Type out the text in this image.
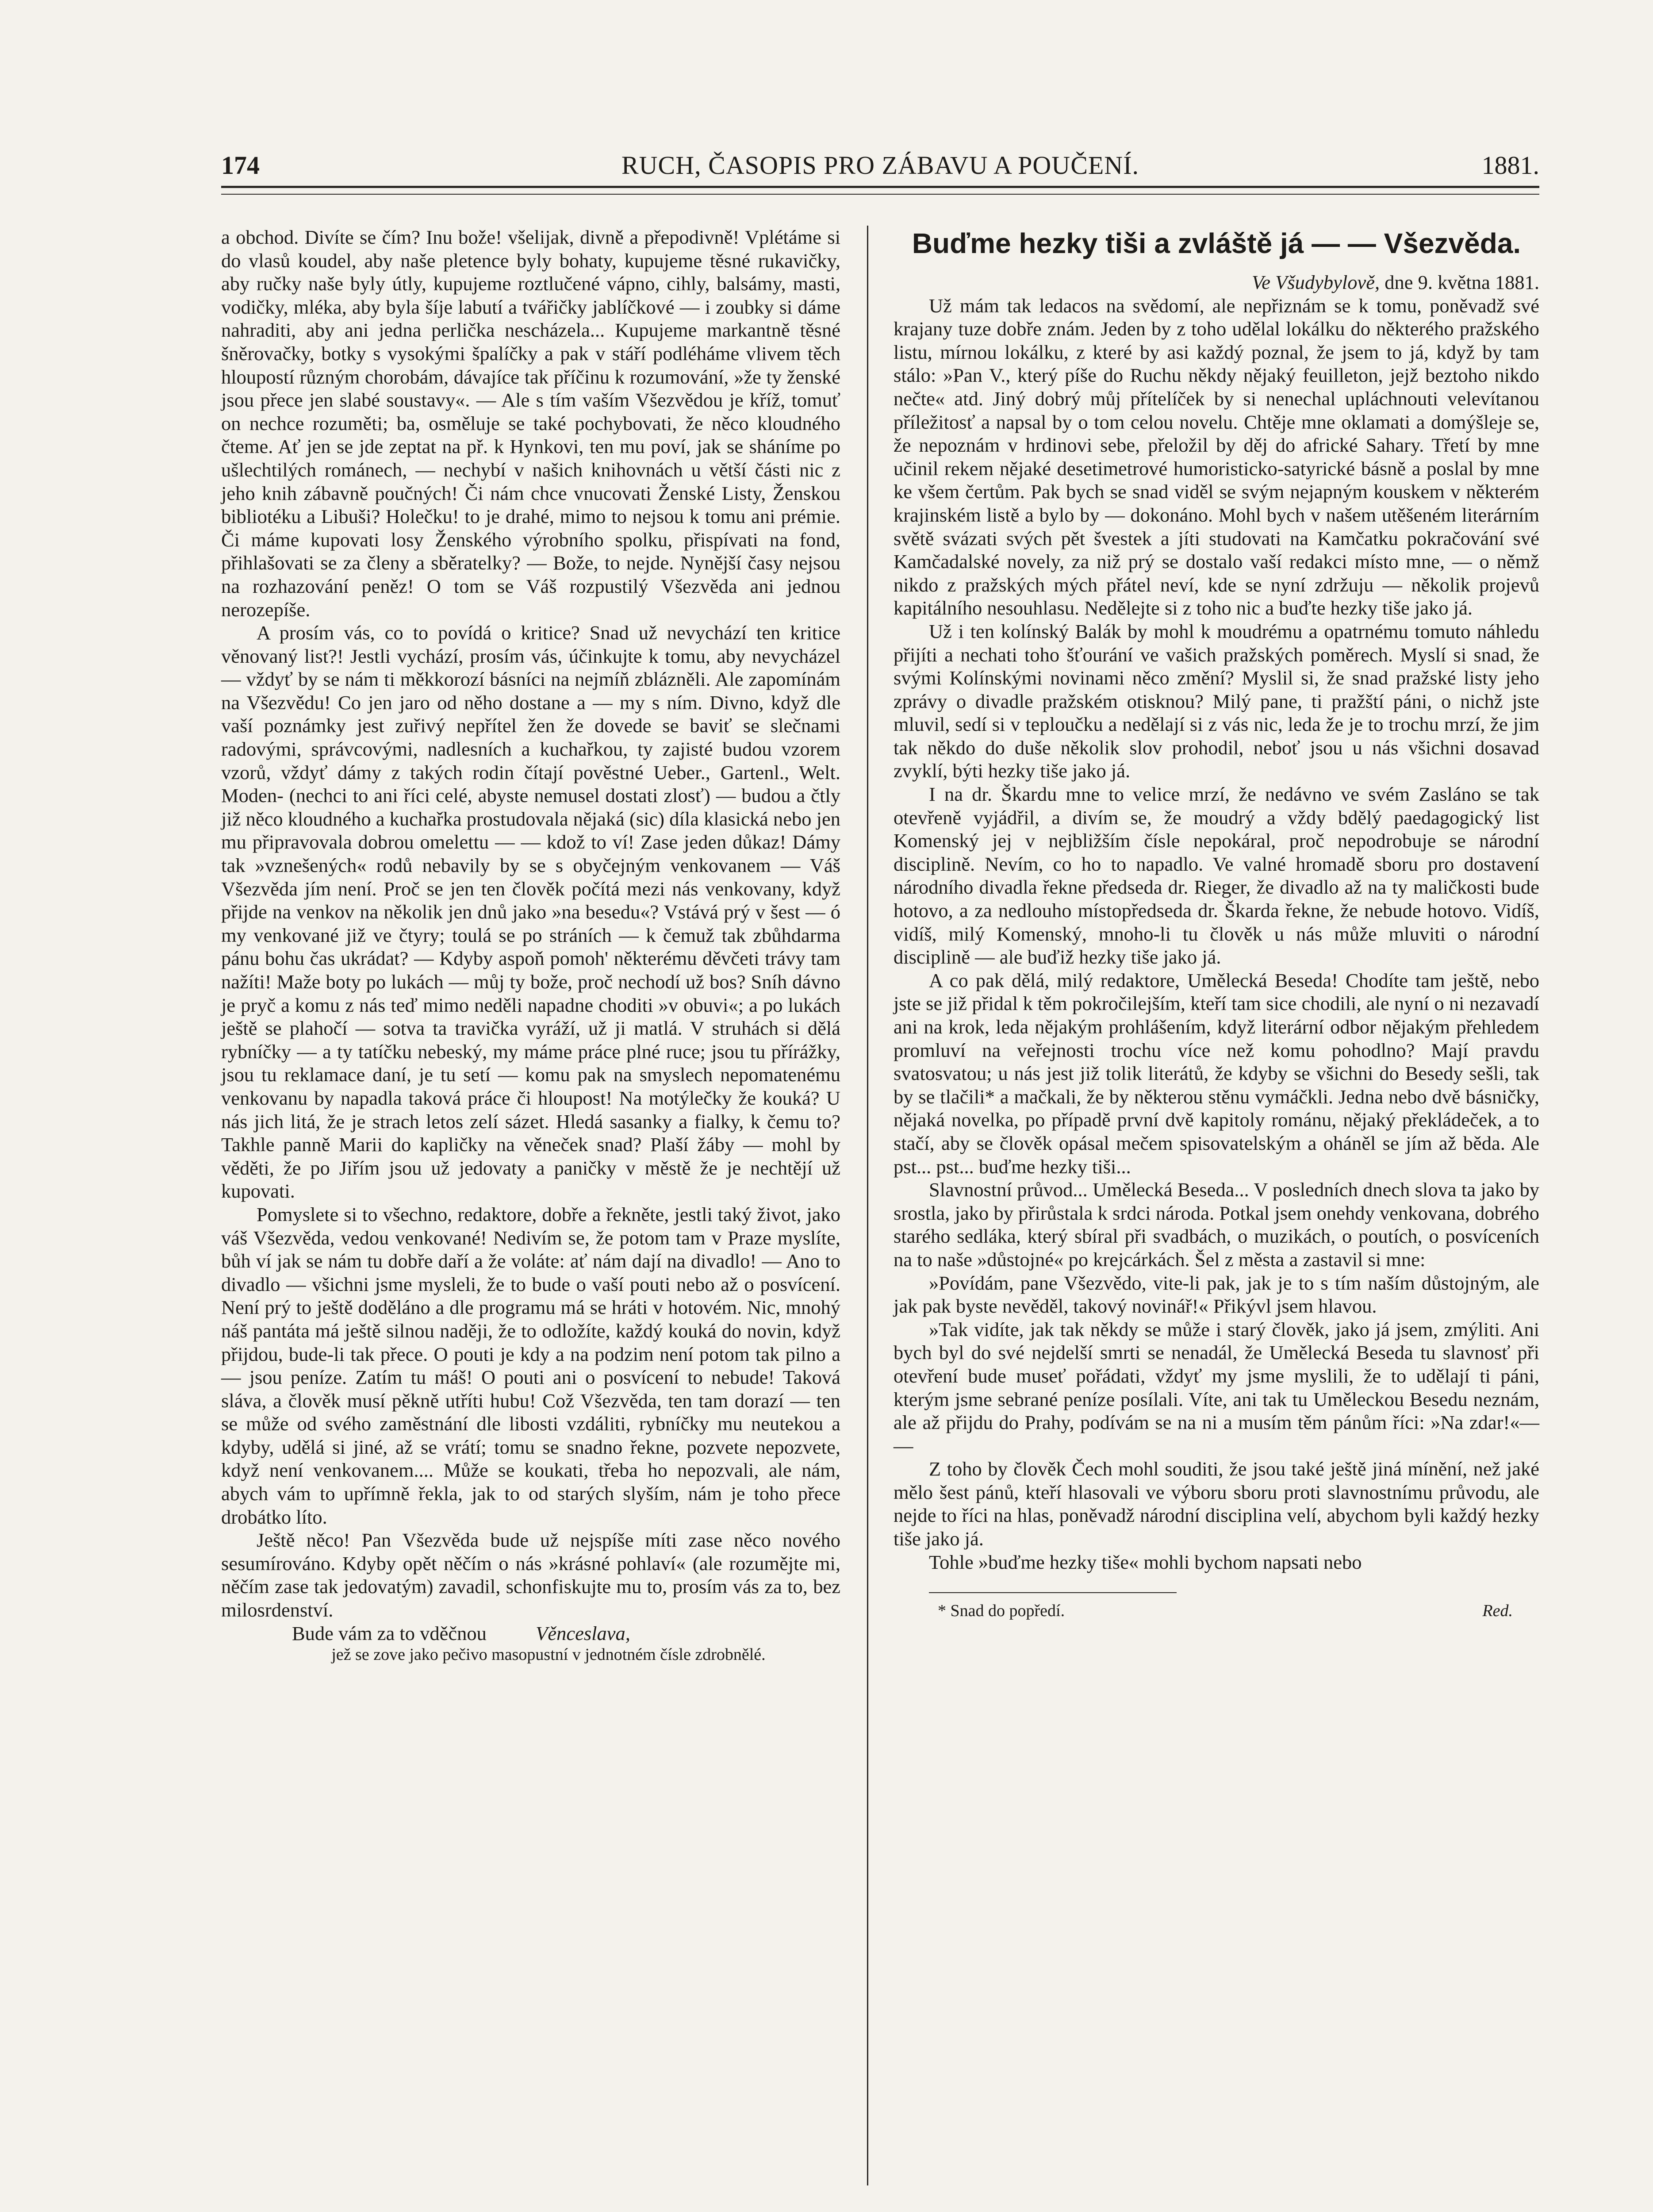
174	RUCH, ČASOPIS PRO ZÁBAVU A POUČENÍ.	1881.

a obchod. Divíte se čím? Inu bože! všelijak, divně a přepodivně! Vplétáme si do vlasů koudel, aby naše pletence byly bohaty, kupujeme těsné rukavičky, aby ručky naše byly útly, kupujeme roztlučené vápno, cihly, balsámy, masti, vodičky, mléka, aby byla šíje labutí a tvářičky jablíčkové — i zoubky si dáme nahraditi, aby ani jedna perlička nescházela... Kupujeme markantně těsné šněrovačky, botky s vysokými špalíčky a pak v stáří podléháme vlivem těch hloupostí různým chorobám, dávajíce tak příčinu k rozumování, »že ty ženské jsou přece jen slabé soustavy«. — Ale s tím vaším Všezvědou je kříž, tomuť on nechce rozuměti; ba, osměluje se také pochybovati, že něco kloudného čteme. Ať jen se jde zeptat na př. k Hynkovi, ten mu poví, jak se sháníme po ušlechtilých románech, — nechybí v našich knihovnách u větší části nic z jeho knih zábavně poučných! Či nám chce vnucovati Ženské Listy, Ženskou bibliotéku a Libuši? Holečku! to je drahé, mimo to nejsou k tomu ani prémie. Či máme kupovati losy Ženského výrobního spolku, přispívati na fond, přihlašovati se za členy a sběratelky? — Bože, to nejde. Nynější časy nejsou na rozhazování peněz! O tom se Váš rozpustilý Všezvěda ani jednou nerozepíše.

A prosím vás, co to povídá o kritice? Snad už nevychází ten kritice věnovaný list?! Jestli vychází, prosím vás, účinkujte k tomu, aby nevycházel — vždyť by se nám ti měkkorozí básníci na nejmíň zblázněli. Ale zapomínám na Všezvědu! Co jen jaro od něho dostane a — my s ním. Divno, když dle vaší poznámky jest zuřivý nepřítel žen že dovede se baviť se slečnami radovými, správcovými, nadlesních a kuchařkou, ty zajisté budou vzorem vzorů, vždyť dámy z takých rodin čítají pověstné Ueber., Gartenl., Welt. Moden- (nechci to ani říci celé, abyste nemusel dostati zlosť) — budou a čtly již něco kloudného a kuchařka prostudovala nějaká (sic) díla klasická nebo jen mu připravovala dobrou omelettu — — kdož to ví! Zase jeden důkaz! Dámy tak »vznešených« rodů nebavily by se s obyčejným venkovanem — Váš Všezvěda jím není. Proč se jen ten člověk počítá mezi nás venkovany, když přijde na venkov na několik jen dnů jako »na besedu«? Vstává prý v šest — ó my venkované již ve čtyry; toulá se po stráních — k čemuž tak zbůhdarma pánu bohu čas ukrádat? — Kdyby aspoň pomoh' některému děvčeti trávy tam nažíti! Maže boty po lukách — můj ty bože, proč nechodí už bos? Sníh dávno je pryč a komu z nás teď mimo neděli napadne choditi »v obuvi«; a po lukách ještě se plahočí — sotva ta travička vyráží, už ji matlá. V struhách si dělá rybníčky — a ty tatíčku nebeský, my máme práce plné ruce; jsou tu přírážky, jsou tu reklamace daní, je tu setí — komu pak na smyslech nepomatenému venkovanu by napadla taková práce či hloupost! Na motýlečky že kouká? U nás jich litá, že je strach letos zelí sázet. Hledá sasanky a fialky, k čemu to? Takhle panně Marii do kapličky na věneček snad? Plaší žáby — mohl by věděti, že po Jiřím jsou už jedovaty a paničky v městě že je nechtějí už kupovati.

Pomyslete si to všechno, redaktore, dobře a řekněte, jestli taký život, jako váš Všezvěda, vedou venkované! Nedivím se, že potom tam v Praze myslíte, bůh ví jak se nám tu dobře daří a že voláte: ať nám dají na divadlo! — Ano to divadlo — všichni jsme mysleli, že to bude o vaší pouti nebo až o posvícení. Není prý to ještě doděláno a dle programu má se hráti v hotovém. Nic, mnohý náš pantáta má ještě silnou naději, že to odložíte, každý kouká do novin, když přijdou, bude-li tak přece. O pouti je kdy a na podzim není potom tak pilno a — jsou peníze. Zatím tu máš! O pouti ani o posvícení to nebude! Taková sláva, a člověk musí pěkně utříti hubu! Což Všezvěda, ten tam dorazí — ten se může od svého zaměstnání dle libosti vzdáliti, rybníčky mu neutekou a kdyby, udělá si jiné, až se vrátí; tomu se snadno řekne, pozvete nepozvete, když není venkovanem.... Může se koukati, třeba ho nepozvali, ale nám, abych vám to upřímně řekla, jak to od starých slyším, nám je toho přece drobátko líto.

Ještě něco! Pan Všezvěda bude už nejspíše míti zase něco nového sesumírováno. Kdyby opět něčím o nás »krásné pohlaví« (ale rozumějte mi, něčím zase tak jedovatým) zavadil, schonfiskujte mu to, prosím vás za to, bez milosrdenství.

Bude vám za to vděčnou	Věnceslava,

jež se zove jako pečivo masopustní v jednotném čísle zdrobnělé.

Buďme hezky tiši a zvláště já — — Všezvěda.

Ve Všudybylově, dne 9. května 1881.

Už mám tak ledacos na svědomí, ale nepřiznám se k tomu, poněvadž své krajany tuze dobře znám. Jeden by z toho udělal lokálku do některého pražského listu, mírnou lokálku, z které by asi každý poznal, že jsem to já, když by tam stálo: »Pan V., který píše do Ruchu někdy nějaký feuilleton, jejž beztoho nikdo nečte« atd. Jiný dobrý můj přítelíček by si nenechal upláchnouti velevítanou příležitosť a napsal by o tom celou novelu. Chtěje mne oklamati a domýšleje se, že nepoznám v hrdinovi sebe, přeložil by děj do africké Sahary. Třetí by mne učinil rekem nějaké desetimetrové humoristicko-satyrické básně a poslal by mne ke všem čertům. Pak bych se snad viděl se svým nejapným kouskem v některém krajinském listě a bylo by — dokonáno. Mohl bych v našem utěšeném literárním světě svázati svých pět švestek a jíti studovati na Kamčatku pokračování své Kamčadalské novely, za niž prý se dostalo vaší redakci místo mne, — o němž nikdo z pražských mých přátel neví, kde se nyní zdržuju — několik projevů kapitálního nesouhlasu. Nedělejte si z toho nic a buďte hezky tiše jako já.

Už i ten kolínský Balák by mohl k moudrému a opatrnému tomuto náhledu přijíti a nechati toho šťourání ve vašich pražských poměrech. Myslí si snad, že svými Kolínskými novinami něco změní? Myslil si, že snad pražské listy jeho zprávy o divadle pražském otisknou? Milý pane, ti pražští páni, o nichž jste mluvil, sedí si v teploučku a nedělají si z vás nic, leda že je to trochu mrzí, že jim tak někdo do duše několik slov prohodil, neboť jsou u nás všichni dosavad zvyklí, býti hezky tiše jako já.

I na dr. Škardu mne to velice mrzí, že nedávno ve svém Zasláno se tak otevřeně vyjádřil, a divím se, že moudrý a vždy bdělý paedagogický list Komenský jej v nejbližším čísle nepokáral, proč nepodrobuje se národní disciplině. Nevím, co ho to napadlo. Ve valné hromadě sboru pro dostavení národního divadla řekne předseda dr. Rieger, že divadlo až na ty maličkosti bude hotovo, a za nedlouho místopředseda dr. Škarda řekne, že nebude hotovo. Vidíš, vidíš, milý Komenský, mnoho-li tu člověk u nás může mluviti o národní disciplině — ale buďiž hezky tiše jako já.

A co pak dělá, milý redaktore, Umělecká Beseda! Chodíte tam ještě, nebo jste se již přidal k těm pokročilejším, kteří tam sice chodili, ale nyní o ni nezavadí ani na krok, leda nějakým prohlášením, když literární odbor nějakým přehledem promluví na veřejnosti trochu více než komu pohodlno? Mají pravdu svatosvatou; u nás jest již tolik literátů, že kdyby se všichni do Besedy sešli, tak by se tlačili* a mačkali, že by některou stěnu vymáčkli. Jedna nebo dvě básničky, nějaká novelka, po případě první dvě kapitoly románu, nějaký překládeček, a to stačí, aby se člověk opásal mečem spisovatelským a oháněl se jím až běda. Ale pst... pst... buďme hezky tiši...

Slavnostní průvod... Umělecká Beseda... V posledních dnech slova ta jako by srostla, jako by přirůstala k srdci národa. Potkal jsem onehdy venkovana, dobrého starého sedláka, který sbíral při svadbách, o muzikách, o poutích, o posvíceních na to naše »důstojné« po krejcárkách. Šel z města a zastavil si mne:

»Povídám, pane Všezvědo, vite-li pak, jak je to s tím naším důstojným, ale jak pak byste nevěděl, takový novinář!« Přikývl jsem hlavou.

»Tak vidíte, jak tak někdy se může i starý člověk, jako já jsem, zmýliti. Ani bych byl do své nejdelší smrti se nenadál, že Umělecká Beseda tu slavnosť při otevření bude museť pořádati, vždyť my jsme myslili, že to udělají ti páni, kterým jsme sebrané peníze posílali. Víte, ani tak tu Uměleckou Besedu neznám, ale až přijdu do Prahy, podívám se na ni a musím těm pánům říci: »Na zdar!«— —

Z toho by člověk Čech mohl souditi, že jsou také ještě jiná mínění, než jaké mělo šest pánů, kteří hlasovali ve výboru sboru proti slavnostnímu průvodu, ale nejde to říci na hlas, poněvadž národní disciplina velí, abychom byli každý hezky tiše jako já.

Tohle »buďme hezky tiše« mohli bychom napsati nebo

* Snad do popředí.	Red.
